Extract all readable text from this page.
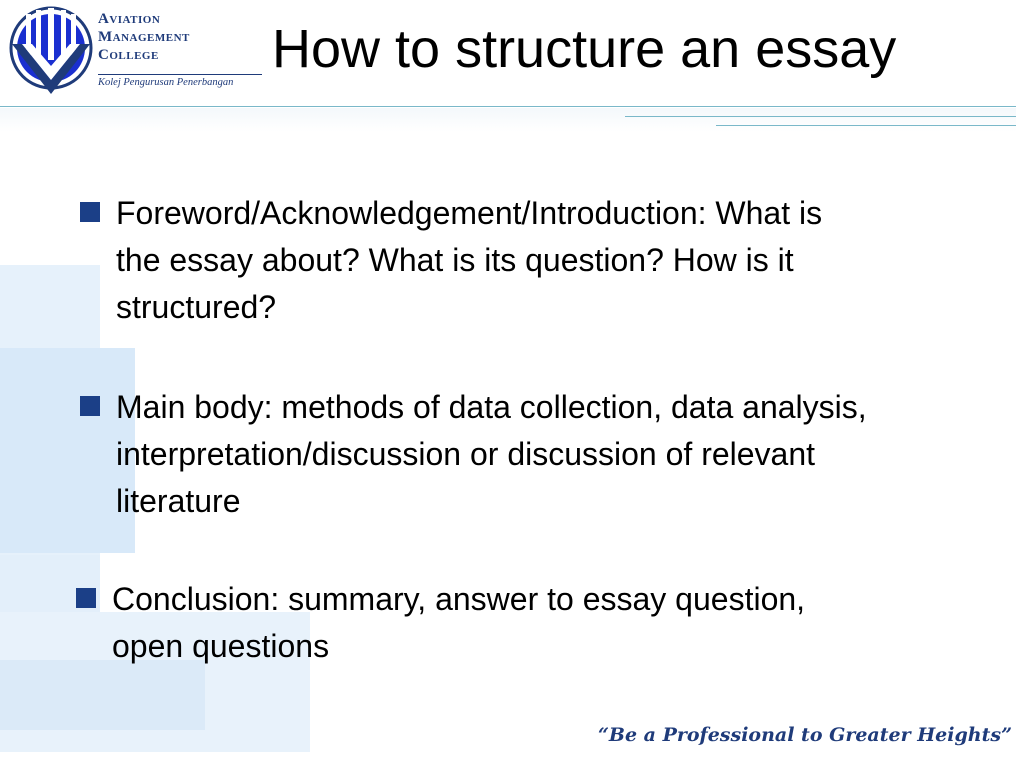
Aviation
Management
College
Kolej Pengurusan Penerbangan
How to structure an essay
Foreword/Acknowledgement/Introduction: What is the essay about? What is its question? How is it structured?
Main body: methods of data collection, data analysis, interpretation/discussion or discussion of relevant literature
Conclusion: summary, answer to essay question, open questions
“Be a Professional to Greater Heights”
